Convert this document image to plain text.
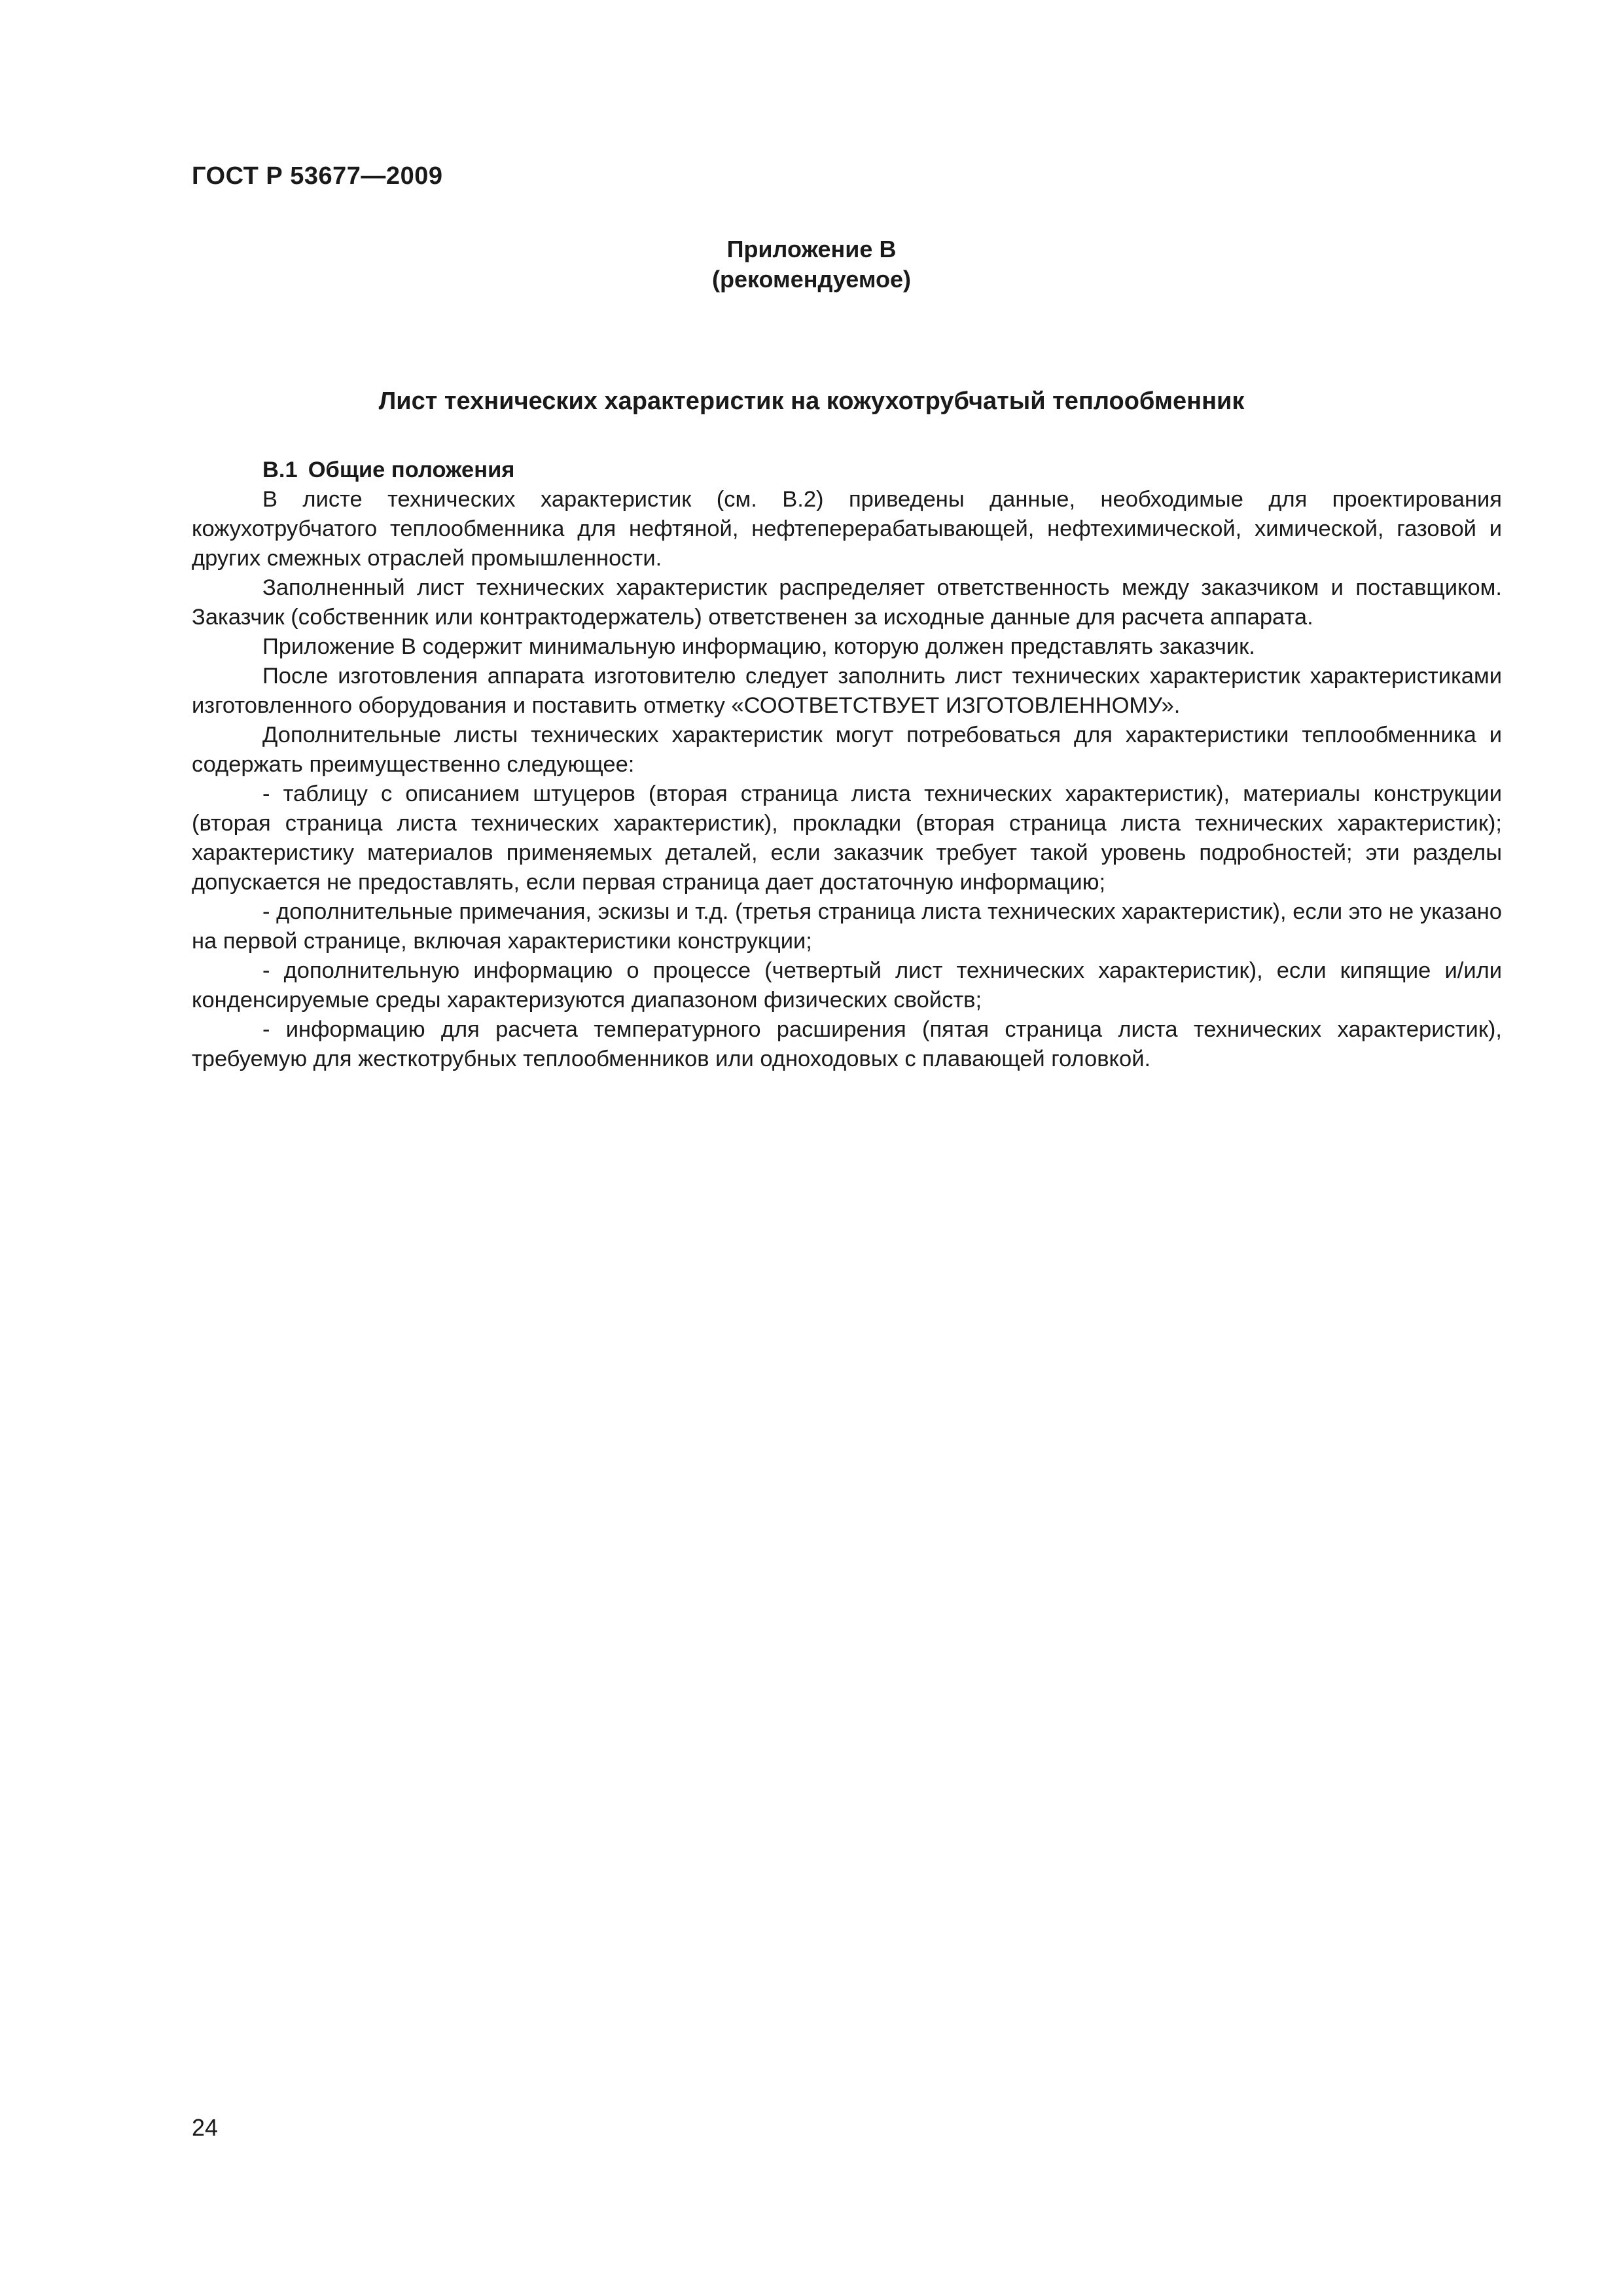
ГОСТ Р 53677—2009
Приложение В
(рекомендуемое)
Лист технических характеристик на кожухотрубчатый теплообменник
В.1 Общие положения

В листе технических характеристик (см. В.2) приведены данные, необходимые для проектирования кожухотрубчатого теплообменника для нефтяной, нефтеперерабатывающей, нефтехимической, химической, газовой и других смежных отраслей промышленности.

Заполненный лист технических характеристик распределяет ответственность между заказчиком и поставщиком. Заказчик (собственник или контрактодержатель) ответственен за исходные данные для расчета аппарата.

Приложение В содержит минимальную информацию, которую должен представлять заказчик.

После изготовления аппарата изготовителю следует заполнить лист технических характеристик характеристиками изготовленного оборудования и поставить отметку «СООТВЕТСТВУЕТ ИЗГОТОВЛЕННОМУ».

Дополнительные листы технических характеристик могут потребоваться для характеристики теплообменника и содержать преимущественно следующее:

- таблицу с описанием штуцеров (вторая страница листа технических характеристик), материалы конструкции (вторая страница листа технических характеристик), прокладки (вторая страница листа технических характеристик); характеристику материалов применяемых деталей, если заказчик требует такой уровень подробностей; эти разделы допускается не предоставлять, если первая страница дает достаточную информацию;

- дополнительные примечания, эскизы и т.д. (третья страница листа технических характеристик), если это не указано на первой странице, включая характеристики конструкции;

- дополнительную информацию о процессе (четвертый лист технических характеристик), если кипящие и/или конденсируемые среды характеризуются диапазоном физических свойств;

- информацию для расчета температурного расширения (пятая страница листа технических характеристик), требуемую для жесткотрубных теплообменников или одноходовых с плавающей головкой.

24
